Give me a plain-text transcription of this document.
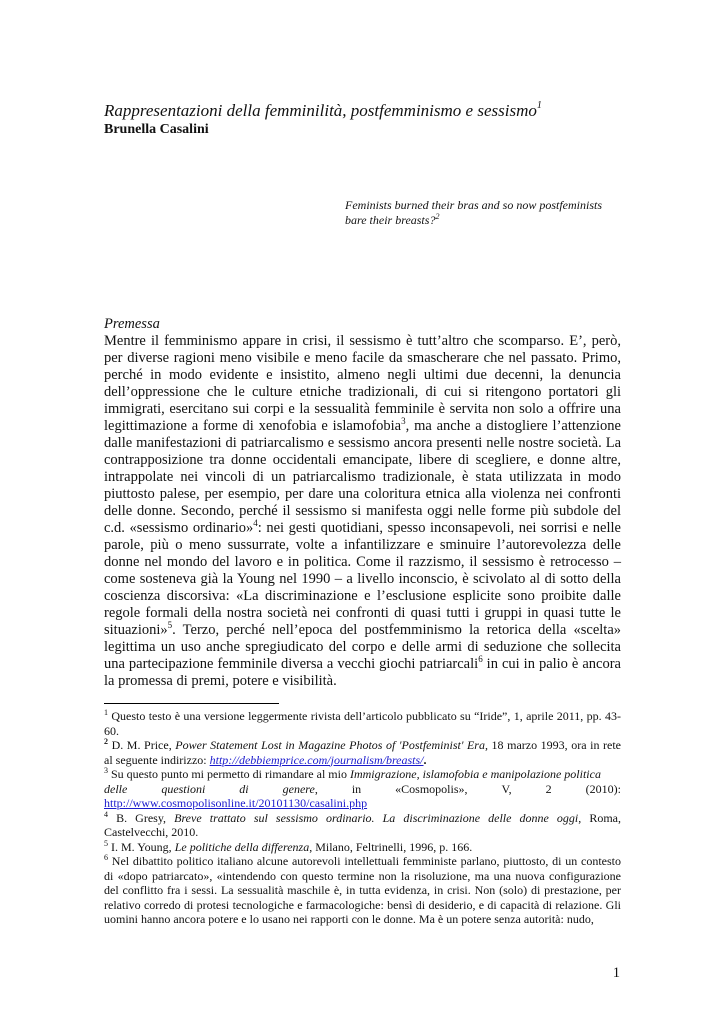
Rappresentazioni della femminilità, postfemminismo e sessismo$^1$

Brunella Casalini

Feminists burned their bras and so now postfeminists
bare their breasts?$^2$
Premessa
Mentre il femminismo appare in crisi, il sessismo è tutt’altro che scomparso. E’, però, per diverse ragioni meno visibile e meno facile da smascherare che nel passato. Primo, perché in modo evidente e insistito, almeno negli ultimi due decenni, la denuncia dell’oppressione che le culture etniche tradizionali, di cui si ritengono portatori gli immigrati, esercitano sui corpi e la sessualità femminile è servita non solo a offrire una legittimazione a forme di xenofobia e islamofobia$^3$, ma anche a distogliere l’attenzione dalle manifestazioni di patriarcalismo e sessismo ancora presenti nelle nostre società. La contrapposizione tra donne occidentali emancipate, libere di scegliere, e donne altre, intrappolate nei vincoli di un patriarcalismo tradizionale, è stata utilizzata in modo piuttosto palese, per esempio, per dare una coloritura etnica alla violenza nei confronti delle donne. Secondo, perché il sessismo si manifesta oggi nelle forme più subdole del c.d. «sessismo ordinario»$^4$: nei gesti quotidiani, spesso inconsapevoli, nei sorrisi e nelle parole, più o meno sussurrate, volte a infantilizzare e sminuire l’autorevolezza delle donne nel mondo del lavoro e in politica. Come il razzismo, il sessismo è retrocesso – come sosteneva già la Young nel 1990 – a livello inconscio, è scivolato al di sotto della coscienza discorsiva: «La discriminazione e l’esclusione esplicite sono proibite dalle regole formali della nostra società nei confronti di quasi tutti i gruppi in quasi tutte le situazioni»$^5$. Terzo, perché nell’epoca del postfemminismo la retorica della «scelta» legittima un uso anche spregiudicato del corpo e delle armi di seduzione che sollecita una partecipazione femminile diversa a vecchi giochi patriarcali$^6$ in cui in palio è ancora la promessa di premi, potere e visibilità.

$^1$ Questo testo è una versione leggermente rivista dell’articolo pubblicato su “Iride”, 1, aprile 2011, pp. 43-60.

$^2$ D. M. Price, Power Statement Lost in Magazine Photos of 'Postfeminist' Era, 18 marzo 1993, ora in rete al seguente indirizzo: http://debbiemprice.com/journalism/breasts/.

$^3$ Su questo punto mi permetto di rimandare al mio Immigrazione, islamofobia e manipolazione politica
delle	questioni	di	genere,	in	«Cosmopolis»,	V,	2	(2010):
http://www.cosmopolisonline.it/20101130/casalini.php

$^4$ B. Gresy, Breve trattato sul sessismo ordinario. La discriminazione delle donne oggi, Roma, Castelvecchi, 2010.

$^5$ I. M. Young, Le politiche della differenza, Milano, Feltrinelli, 1996, p. 166.

$^6$ Nel dibattito politico italiano alcune autorevoli intellettuali femministe parlano, piuttosto, di un contesto di «dopo patriarcato», «intendendo con questo termine non la risoluzione, ma una nuova configurazione del conflitto fra i sessi. La sessualità maschile è, in tutta evidenza, in crisi. Non (solo) di prestazione, per relativo corredo di protesi tecnologiche e farmacologiche: bensì di desiderio, e di capacità di relazione. Gli uomini hanno ancora potere e lo usano nei rapporti con le donne. Ma è un potere senza autorità: nudo,

1
